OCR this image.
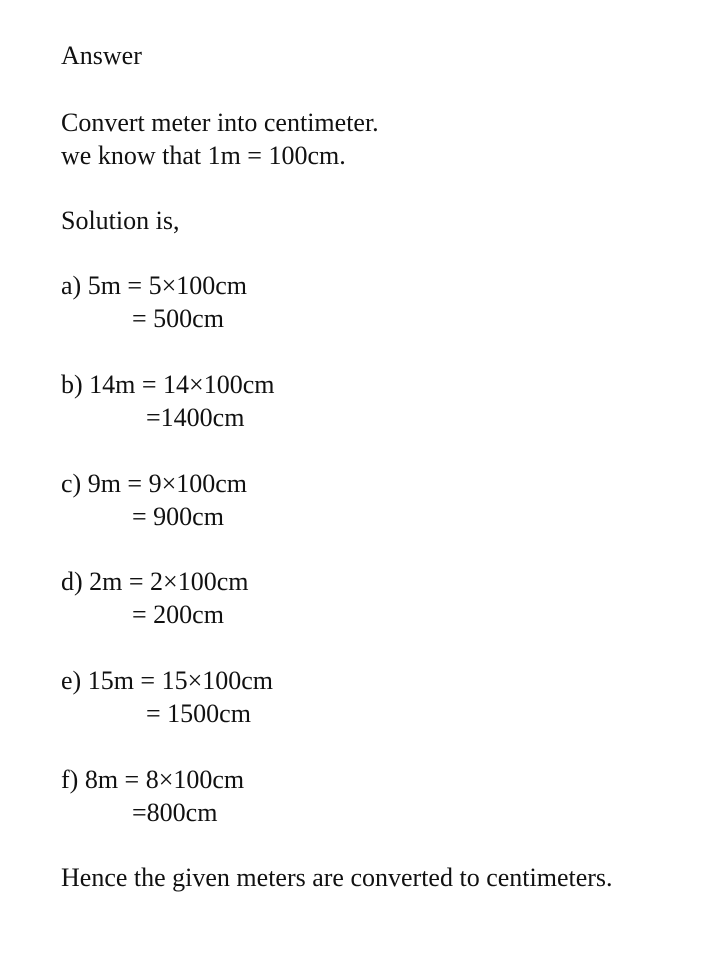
Answer
Convert meter into centimeter.
we know that 1m = 100cm.
Solution is,
a) 5m = 5×100cm
= 500cm
b) 14m = 14×100cm
=1400cm
c) 9m = 9×100cm
= 900cm
d) 2m = 2×100cm
= 200cm
e) 15m = 15×100cm
= 1500cm
f) 8m = 8×100cm
=800cm
Hence the given meters are converted to centimeters.
